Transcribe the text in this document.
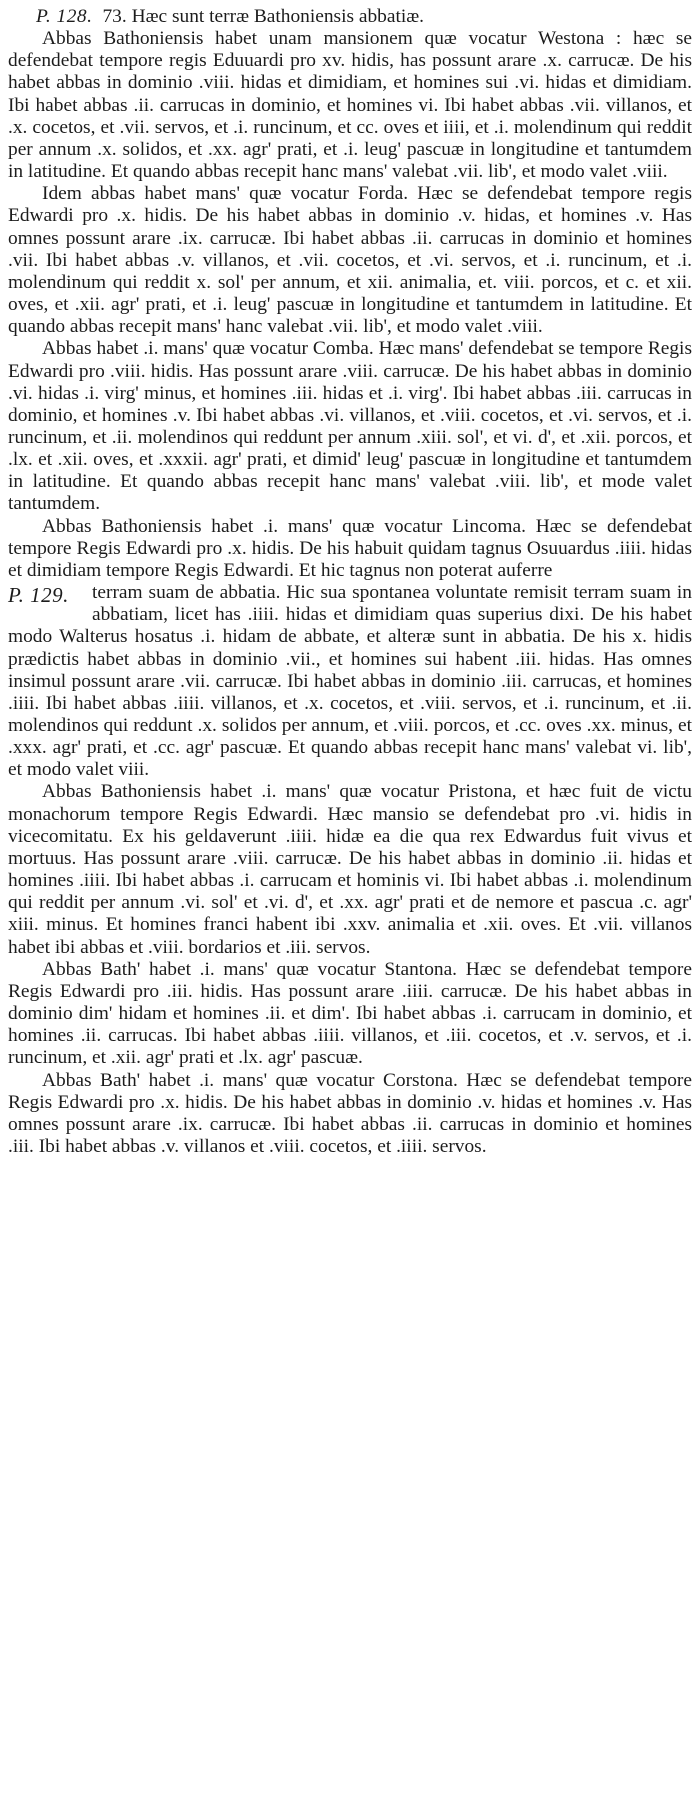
P. 128. 73. Hæc sunt terræ Bathoniensis abbatiæ.

Abbas Bathoniensis habet unam mansionem quæ vocatur Westona : hæc se defendebat tempore regis Eduuardi pro xv. hidis, has possunt arare .x. carrucæ. De his habet abbas in dominio .viii. hidas et dimidiam, et homines sui .vi. hidas et dimidiam. Ibi habet abbas .ii. carrucas in dominio, et homines vi. Ibi habet abbas .vii. villanos, et .x. cocetos, et .vii. servos, et .i. runcinum, et cc. oves et iiii, et .i. molendinum qui reddit per annum .x. solidos, et .xx. agr' prati, et .i. leug' pascuæ in longitudine et tantumdem in latitudine. Et quando abbas recepit hanc mans' valebat .vii. lib', et modo valet .viii.

Idem abbas habet mans' quæ vocatur Forda. Hæc se defendebat tempore regis Edwardi pro .x. hidis. De his habet abbas in dominio .v. hidas, et homines .v. Has omnes possunt arare .ix. carrucæ. Ibi habet abbas .ii. carrucas in dominio et homines .vii. Ibi habet abbas .v. villanos, et .vii. cocetos, et .vi. servos, et .i. runcinum, et .i. molendinum qui reddit x. sol' per annum, et xii. animalia, et. viii. porcos, et c. et xii. oves, et .xii. agr' prati, et .i. leug' pascuæ in longitudine et tantumdem in latitudine. Et quando abbas recepit mans' hanc valebat .vii. lib', et modo valet .viii.

Abbas habet .i. mans' quæ vocatur Comba. Hæc mans' defendebat se tempore Regis Edwardi pro .viii. hidis. Has possunt arare .viii. carrucæ. De his habet abbas in dominio .vi. hidas .i. virg' minus, et homines .iii. hidas et .i. virg'. Ibi habet abbas .iii. carrucas in dominio, et homines .v. Ibi habet abbas .vi. villanos, et .viii. cocetos, et .vi. servos, et .i. runcinum, et .ii. molendinos qui reddunt per annum .xiii. sol', et vi. d', et .xii. porcos, et .lx. et .xii. oves, et .xxxii. agr' prati, et dimid' leug' pascuæ in longitudine et tantumdem in latitudine. Et quando abbas recepit hanc mans' valebat .viii. lib', et mode valet tantumdem.

Abbas Bathoniensis habet .i. mans' quæ vocatur Lincoma. Hæc se defendebat tempore Regis Edwardi pro .x. hidis. De his habuit quidam tagnus Osuuardus .iiii. hidas et dimidiam tempore Regis Edwardi. Et hic tagnus non poterat auferre

P. 129.	terram suam de abbatia. Hic sua spontanea voluntate remisit terram suam in abbatiam, licet has .iiii. hidas et dimidiam quas superius dixi. De his habet modo Walterus hosatus .i. hidam de abbate, et alteræ sunt in abbatia. De his x. hidis prædictis habet abbas in dominio .vii., et homines sui habent .iii. hidas. Has omnes insimul possunt arare .vii. carrucæ. Ibi habet abbas in dominio .iii. carrucas, et homines .iiii. Ibi habet abbas .iiii. villanos, et .x. cocetos, et .viii. servos, et .i. runcinum, et .ii. molendinos qui reddunt .x. solidos per annum, et .viii. porcos, et .cc. oves .xx. minus, et .xxx. agr' prati, et .cc. agr' pascuæ. Et quando abbas recepit hanc mans' valebat vi. lib', et modo valet viii.

Abbas Bathoniensis habet .i. mans' quæ vocatur Pristona, et hæc fuit de victu monachorum tempore Regis Edwardi. Hæc mansio se defendebat pro .vi. hidis in vicecomitatu. Ex his geldaverunt .iiii. hidæ ea die qua rex Edwardus fuit vivus et mortuus. Has possunt arare .viii. carrucæ. De his habet abbas in dominio .ii. hidas et homines .iiii. Ibi habet abbas .i. carrucam et hominis vi. Ibi habet abbas .i. molendinum qui reddit per annum .vi. sol' et .vi. d', et .xx. agr' prati et de nemore et pascua .c. agr' xiii. minus. Et homines franci habent ibi .xxv. animalia et .xii. oves. Et .vii. villanos habet ibi abbas et .viii. bordarios et .iii. servos.

Abbas Bath' habet .i. mans' quæ vocatur Stantona. Hæc se defendebat tempore Regis Edwardi pro .iii. hidis. Has possunt arare .iiii. carrucæ. De his habet abbas in dominio dim' hidam et homines .ii. et dim'. Ibi habet abbas .i. carrucam in dominio, et homines .ii. carrucas. Ibi habet abbas .iiii. villanos, et .iii. cocetos, et .v. servos, et .i. runcinum, et .xii. agr' prati et .lx. agr' pascuæ.

Abbas Bath' habet .i. mans' quæ vocatur Corstona. Hæc se defendebat tempore Regis Edwardi pro .x. hidis. De his habet abbas in dominio .v. hidas et homines .v. Has omnes possunt arare .ix. carrucæ. Ibi habet abbas .ii. carrucas in dominio et homines .iii. Ibi habet abbas .v. villanos et .viii. cocetos, et .iiii. servos.
